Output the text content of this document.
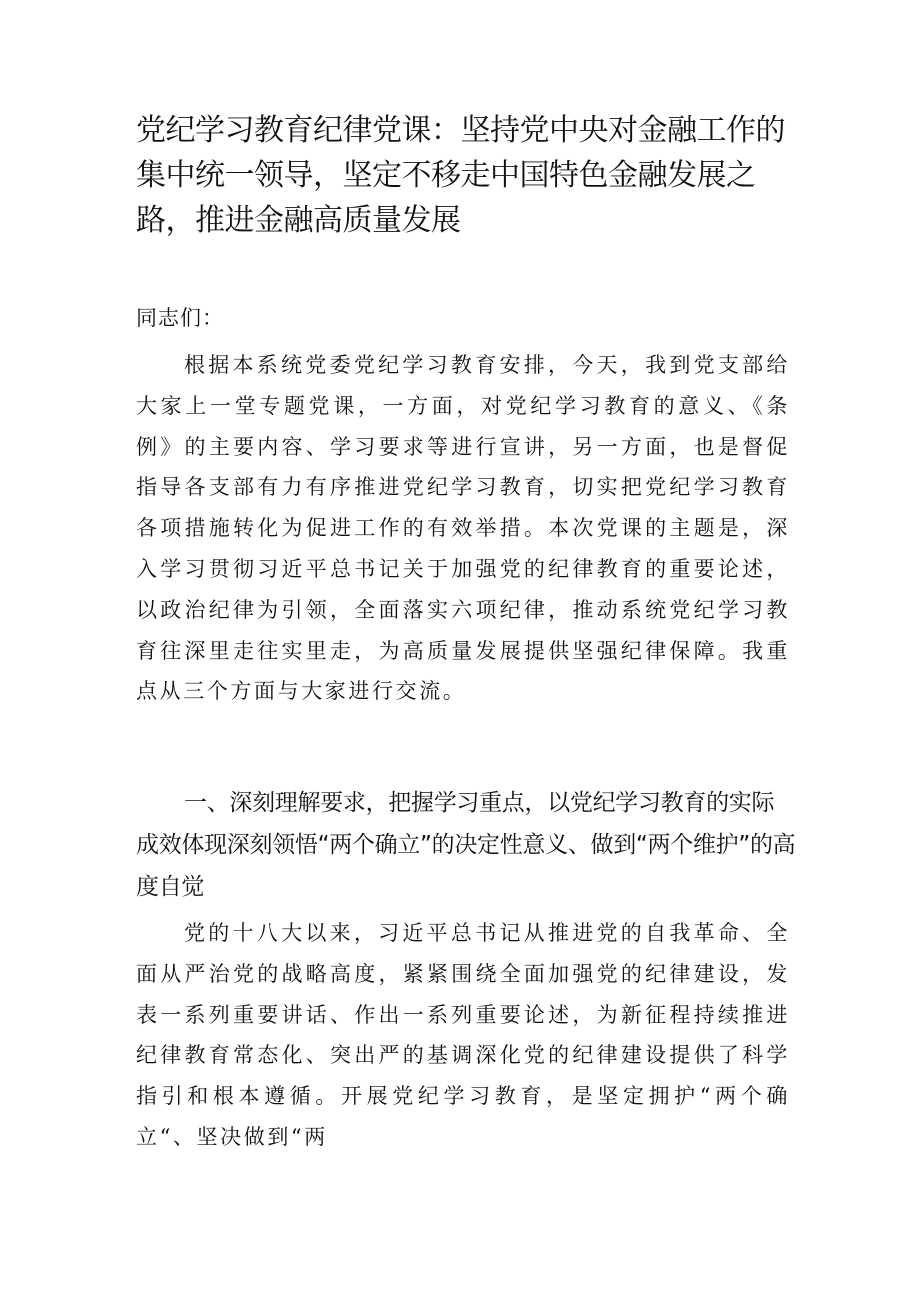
党纪学习教育纪律党课：坚持党中央对金融工作的集中统一领导，坚定不移走中国特色金融发展之路，推进金融高质量发展

同志们：

根据本系统党委党纪学习教育安排，今天，我到党支部给大家上一堂专题党课，一方面，对党纪学习教育的意义、《条例》的主要内容、学习要求等进行宣讲，另一方面，也是督促指导各支部有力有序推进党纪学习教育，切实把党纪学习教育各项措施转化为促进工作的有效举措。本次党课的主题是，深入学习贯彻习近平总书记关于加强党的纪律教育的重要论述，以政治纪律为引领，全面落实六项纪律，推动系统党纪学习教育往深里走往实里走，为高质量发展提供坚强纪律保障。我重点从三个方面与大家进行交流。

一、深刻理解要求，把握学习重点，以党纪学习教育的实际成效体现深刻领悟“两个确立”的决定性意义、做到“两个维护”的高度自觉

党的十八大以来，习近平总书记从推进党的自我革命、全面从严治党的战略高度，紧紧围绕全面加强党的纪律建设，发表一系列重要讲话、作出一系列重要论述，为新征程持续推进纪律教育常态化、突出严的基调深化党的纪律建设提供了科学指引和根本遵循。开展党纪学习教育，是坚定拥护“两个确立“、坚决做到“两
